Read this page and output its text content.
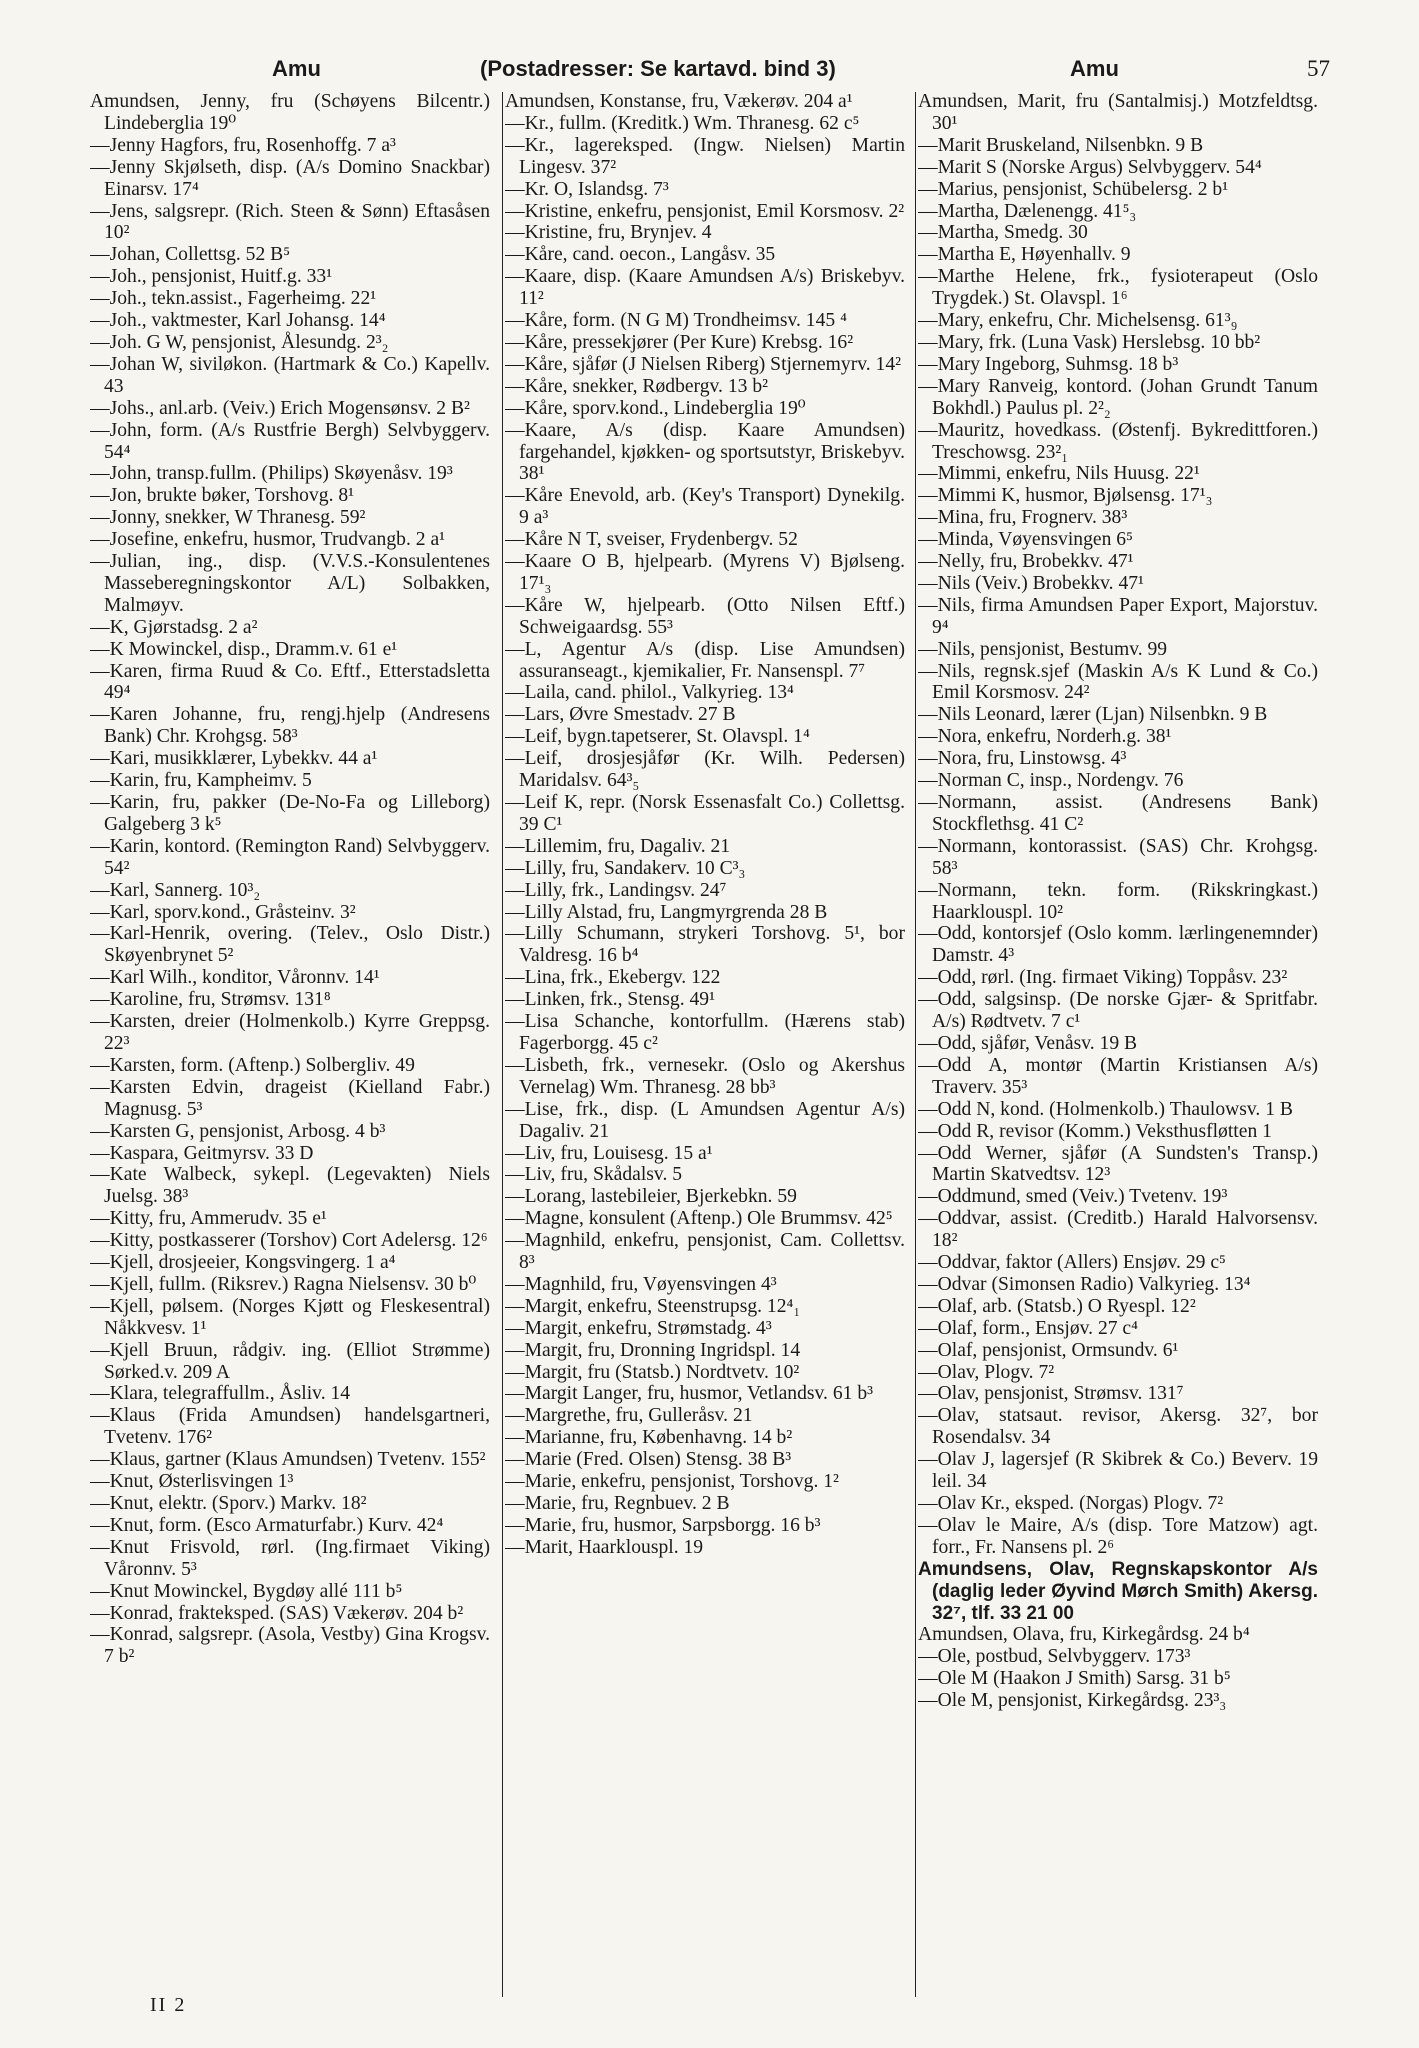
Amu	(Postadresser: Se kartavd. bind 3)	Amu	57

Amundsen, Jenny, fru (Schøyens Bilcentr.) Lindeberglia 19⁰

—Jenny Hagfors, fru, Rosenhoffg. 7 a³

—Jenny Skjølseth, disp. (A/s Domino Snackbar) Einarsv. 17⁴

—Jens, salgsrepr. (Rich. Steen & Sønn) Eftasåsen 10²

—Johan, Collettsg. 52 B⁵

—Joh., pensjonist, Huitf.g. 33¹

—Joh., tekn.assist., Fagerheimg. 22¹

—Joh., vaktmester, Karl Johansg. 14⁴

—Joh. G W, pensjonist, Ålesundg. 2³₂

—Johan W, siviløkon. (Hartmark & Co.) Kapellv. 43

—Johs., anl.arb. (Veiv.) Erich Mogensønsv. 2 B²

—John, form. (A/s Rustfrie Bergh) Selvbyggerv. 54⁴

—John, transp.fullm. (Philips) Skøyenåsv. 19³

—Jon, brukte bøker, Torshovg. 8¹

—Jonny, snekker, W Thranesg. 59²

—Josefine, enkefru, husmor, Trudvangb. 2 a¹

—Julian, ing., disp. (V.V.S.-Konsulentenes Masseberegningskontor A/L) Solbakken, Malmøyv.

—K, Gjørstadsg. 2 a²

—K Mowinckel, disp., Dramm.v. 61 e¹

—Karen, firma Ruud & Co. Eftf., Etterstadsletta 49⁴

—Karen Johanne, fru, rengj.hjelp (Andresens Bank) Chr. Krohgsg. 58³

—Kari, musikklærer, Lybekkv. 44 a¹

—Karin, fru, Kampheimv. 5

—Karin, fru, pakker (De-No-Fa og Lilleborg) Galgeberg 3 k⁵

—Karin, kontord. (Remington Rand) Selvbyggerv. 54²

—Karl, Sannerg. 10³₂

—Karl, sporv.kond., Gråsteinv. 3²

—Karl-Henrik, overing. (Telev., Oslo Distr.) Skøyenbrynet 5²

—Karl Wilh., konditor, Våronnv. 14¹

—Karoline, fru, Strømsv. 131⁸

—Karsten, dreier (Holmenkolb.) Kyrre Greppsg. 22³

—Karsten, form. (Aftenp.) Solbergliv. 49

—Karsten Edvin, drageist (Kielland Fabr.) Magnusg. 5³

—Karsten G, pensjonist, Arbosg. 4 b³

—Kaspara, Geitmyrsv. 33 D

—Kate Walbeck, sykepl. (Legevakten) Niels Juelsg. 38³

—Kitty, fru, Ammerudv. 35 e¹

—Kitty, postkasserer (Torshov) Cort Adelersg. 12⁶

—Kjell, drosjeeier, Kongsvingerg. 1 a⁴

—Kjell, fullm. (Riksrev.) Ragna Nielsensv. 30 b⁰

—Kjell, pølsem. (Norges Kjøtt og Fleskesentral) Nåkkvesv. 1¹

—Kjell Bruun, rådgiv. ing. (Elliot Strømme) Sørked.v. 209 A

—Klara, telegraffullm., Åsliv. 14

—Klaus (Frida Amundsen) handelsgartneri, Tvetenv. 176²

—Klaus, gartner (Klaus Amundsen) Tvetenv. 155²

—Knut, Østerlisvingen 1³

—Knut, elektr. (Sporv.) Markv. 18²

—Knut, form. (Esco Armaturfabr.) Kurv. 42⁴

—Knut Frisvold, rørl. (Ing.firmaet Viking) Våronnv. 5³

—Knut Mowinckel, Bygdøy allé 111 b⁵

—Konrad, frakteksped. (SAS) Vækerøv. 204 b²

—Konrad, salgsrepr. (Asola, Vestby) Gina Krogsv. 7 b²

Amundsen, Konstanse, fru, Vækerøv. 204 a¹

—Kr., fullm. (Kreditk.) Wm. Thranesg. 62 c⁵

—Kr., lagereksped. (Ingw. Nielsen) Martin Lingesv. 37²

—Kr. O, Islandsg. 7³

—Kristine, enkefru, pensjonist, Emil Korsmosv. 2²

—Kristine, fru, Brynjev. 4

—Kåre, cand. oecon., Langåsv. 35

—Kaare, disp. (Kaare Amundsen A/s) Briskebyv. 11²

—Kåre, form. (N G M) Trondheimsv. 145 ⁴

—Kåre, pressekjører (Per Kure) Krebsg. 16²

—Kåre, sjåfør (J Nielsen Riberg) Stjernemyrv. 14²

—Kåre, snekker, Rødbergv. 13 b²

—Kåre, sporv.kond., Lindeberglia 19⁰

—Kaare, A/s (disp. Kaare Amundsen) fargehandel, kjøkken- og sportsutstyr, Briskebyv. 38¹

—Kåre Enevold, arb. (Key's Transport) Dynekilg. 9 a³

—Kåre N T, sveiser, Frydenbergv. 52

—Kaare O B, hjelpearb. (Myrens V) Bjølseng. 17¹₃

—Kåre W, hjelpearb. (Otto Nilsen Eftf.) Schweigaardsg. 55³

—L, Agentur A/s (disp. Lise Amundsen) assuranseagt., kjemikalier, Fr. Nansenspl. 7⁷

—Laila, cand. philol., Valkyrieg. 13⁴

—Lars, Øvre Smestadv. 27 B

—Leif, bygn.tapetserer, St. Olavspl. 1⁴

—Leif, drosjesjåfør (Kr. Wilh. Pedersen) Maridalsv. 64³₅

—Leif K, repr. (Norsk Essenasfalt Co.) Collettsg. 39 C¹

—Lillemim, fru, Dagaliv. 21

—Lilly, fru, Sandakerv. 10 C³₃

—Lilly, frk., Landingsv. 24⁷

—Lilly Alstad, fru, Langmyrgrenda 28 B

—Lilly Schumann, strykeri Torshovg. 5¹, bor Valdresg. 16 b⁴

—Lina, frk., Ekebergv. 122

—Linken, frk., Stensg. 49¹

—Lisa Schanche, kontorfullm. (Hærens stab) Fagerborgg. 45 c²

—Lisbeth, frk., vernesekr. (Oslo og Akershus Vernelag) Wm. Thranesg. 28 bb³

—Lise, frk., disp. (L Amundsen Agentur A/s) Dagaliv. 21

—Liv, fru, Louisesg. 15 a¹

—Liv, fru, Skådalsv. 5

—Lorang, lastebileier, Bjerkebkn. 59

—Magne, konsulent (Aftenp.) Ole Brummsv. 42⁵

—Magnhild, enkefru, pensjonist, Cam. Collettsv. 8³

—Magnhild, fru, Vøyensvingen 4³

—Margit, enkefru, Steenstrupsg. 12⁴₁

—Margit, enkefru, Strømstadg. 4³

—Margit, fru, Dronning Ingridspl. 14

—Margit, fru (Statsb.) Nordtvetv. 10²

—Margit Langer, fru, husmor, Vetlandsv. 61 b³

—Margrethe, fru, Gulleråsv. 21

—Marianne, fru, Københavng. 14 b²

—Marie (Fred. Olsen) Stensg. 38 B³

—Marie, enkefru, pensjonist, Torshovg. 1²

—Marie, fru, Regnbuev. 2 B

—Marie, fru, husmor, Sarpsborgg. 16 b³

—Marit, Haarklouspl. 19

Amundsen, Marit, fru (Santalmisj.) Motzfeldtsg. 30¹

—Marit Bruskeland, Nilsenbkn. 9 B

—Marit S (Norske Argus) Selvbyggerv. 54⁴

—Marius, pensjonist, Schübelersg. 2 b¹

—Martha, Dælenengg. 41⁵₃

—Martha, Smedg. 30

—Martha E, Høyenhallv. 9

—Marthe Helene, frk., fysioterapeut (Oslo Trygdek.) St. Olavspl. 1⁶

—Mary, enkefru, Chr. Michelsensg. 61³₉

—Mary, frk. (Luna Vask) Herslebsg. 10 bb²

—Mary Ingeborg, Suhmsg. 18 b³

—Mary Ranveig, kontord. (Johan Grundt Tanum Bokhdl.) Paulus pl. 2²₂

—Mauritz, hovedkass. (Østenfj. Bykredittforen.) Treschowsg. 23²₁

—Mimmi, enkefru, Nils Huusg. 22¹

—Mimmi K, husmor, Bjølsensg. 17¹₃

—Mina, fru, Frognerv. 38³

—Minda, Vøyensvingen 6⁵

—Nelly, fru, Brobekkv. 47¹

—Nils (Veiv.) Brobekkv. 47¹

—Nils, firma Amundsen Paper Export, Majorstuv. 9⁴

—Nils, pensjonist, Bestumv. 99

—Nils, regnsk.sjef (Maskin A/s K Lund & Co.) Emil Korsmosv. 24²

—Nils Leonard, lærer (Ljan) Nilsenbkn. 9 B

—Nora, enkefru, Norderh.g. 38¹

—Nora, fru, Linstowsg. 4³

—Norman C, insp., Nordengv. 76

—Normann, assist. (Andresens Bank) Stockflethsg. 41 C²

—Normann, kontorassist. (SAS) Chr. Krohgsg. 58³

—Normann, tekn. form. (Rikskringkast.) Haarklouspl. 10²

—Odd, kontorsjef (Oslo komm. lærlingenemnder) Damstr. 4³

—Odd, rørl. (Ing. firmaet Viking) Toppåsv. 23²

—Odd, salgsinsp. (De norske Gjær- & Spritfabr. A/s) Rødtvetv. 7 c¹

—Odd, sjåfør, Venåsv. 19 B

—Odd A, montør (Martin Kristiansen A/s) Traverv. 35³

—Odd N, kond. (Holmenkolb.) Thaulowsv. 1 B

—Odd R, revisor (Komm.) Veksthusfløtten 1

—Odd Werner, sjåfør (A Sundsten's Transp.) Martin Skatvedtsv. 12³

—Oddmund, smed (Veiv.) Tvetenv. 19³

—Oddvar, assist. (Creditb.) Harald Halvorsensv. 18²

—Oddvar, faktor (Allers) Ensjøv. 29 c⁵

—Odvar (Simonsen Radio) Valkyrieg. 13⁴

—Olaf, arb. (Statsb.) O Ryespl. 12²

—Olaf, form., Ensjøv. 27 c⁴

—Olaf, pensjonist, Ormsundv. 6¹

—Olav, Plogv. 7²

—Olav, pensjonist, Strømsv. 131⁷

—Olav, statsaut. revisor, Akersg. 32⁷, bor Rosendalsv. 34

—Olav J, lagersjef (R Skibrek & Co.) Beverv. 19 leil. 34

—Olav Kr., eksped. (Norgas) Plogv. 7²

—Olav le Maire, A/s (disp. Tore Matzow) agt. forr., Fr. Nansens pl. 2⁶

Amundsens, Olav, Regnskapskontor A/s (daglig leder Øyvind Mørch Smith) Akersg. 32⁷, tlf. 33 21 00

Amundsen, Olava, fru, Kirkegårdsg. 24 b⁴

—Ole, postbud, Selvbyggerv. 173³

—Ole M (Haakon J Smith) Sarsg. 31 b⁵

—Ole M, pensjonist, Kirkegårdsg. 23³₃

II 2
